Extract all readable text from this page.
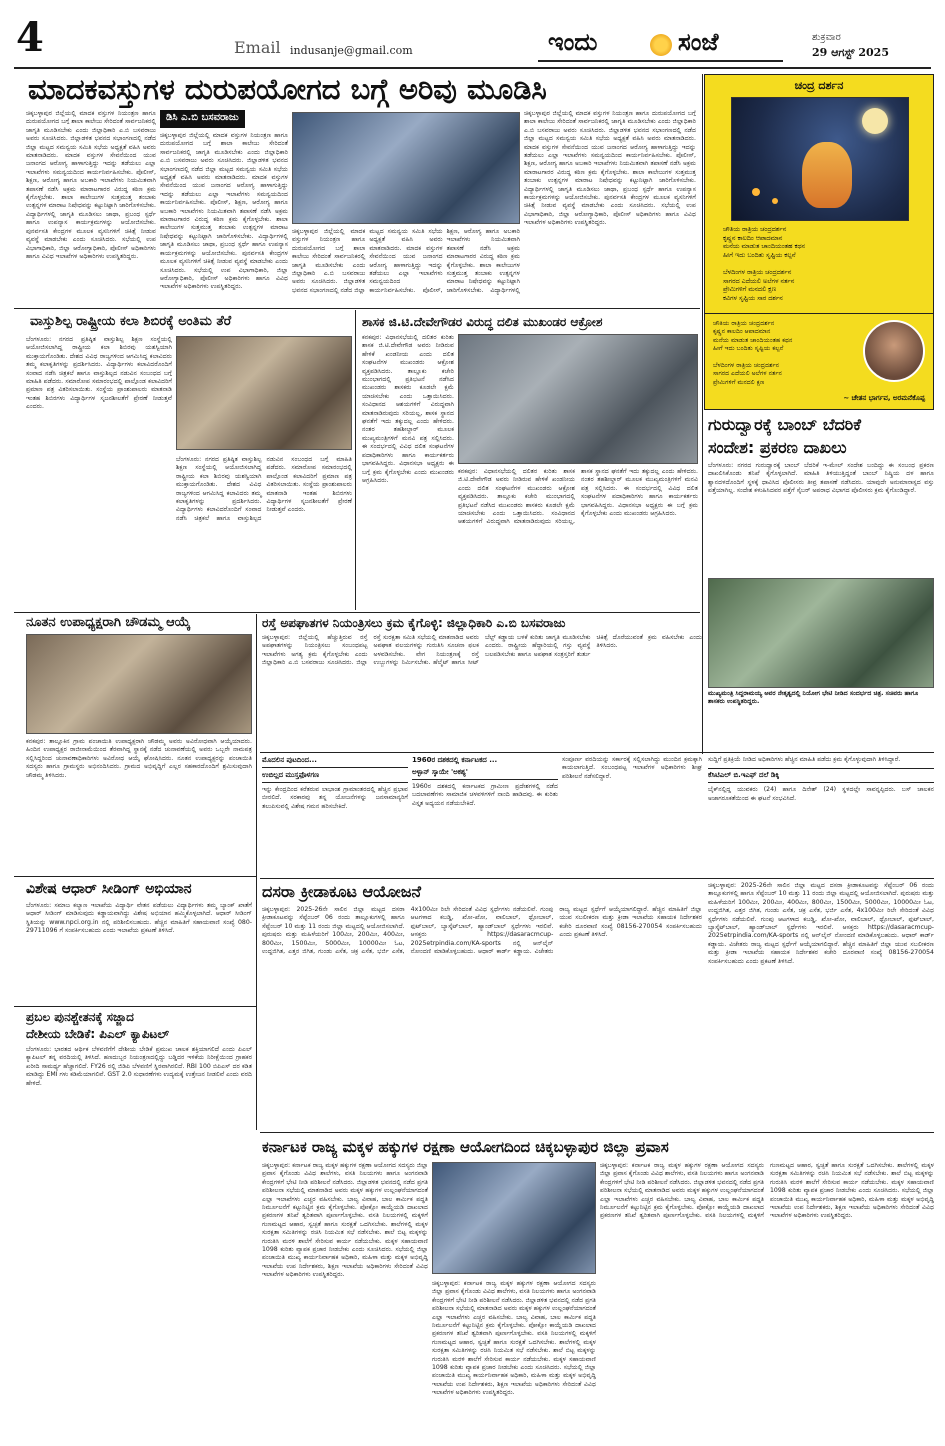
4	Email indusanje@gmail.com	ಇಂದು	ಸಂಜೆ	ಶುಕ್ರವಾರ
29 ಆಗಸ್ಟ್ 2025
ಮಾದಕವಸ್ತುಗಳ ದುರುಪಯೋಗದ ಬಗ್ಗೆ ಅರಿವು ಮೂಡಿಸಿ
ಡಿಸಿ ಎ.ಬಿ ಬಸವರಾಜು
ಚಿಕ್ಕಬಳ್ಳಾಪುರ ಜಿಲ್ಲೆಯಲ್ಲಿ ಮಾದಕ ವಸ್ತುಗಳ ನಿಯಂತ್ರಣ ಹಾಗೂ ದುರುಪಯೋಗದ ಬಗ್ಗೆ ಶಾಲಾ ಕಾಲೇಜು ಸೇರಿದಂತೆ ಸಾರ್ವಜನಿಕರಲ್ಲಿ ಜಾಗೃತಿ ಮೂಡಿಸಬೇಕು ಎಂದು ಜಿಲ್ಲಾಧಿಕಾರಿ ಎ.ಬಿ ಬಸವರಾಜು ಅವರು ಸೂಚಿಸಿದರು. ಜಿಲ್ಲಾಡಳಿತ ಭವನದ ಸಭಾಂಗಣದಲ್ಲಿ ನಡೆದ ಜಿಲ್ಲಾ ಮಟ್ಟದ ಸಮನ್ವಯ ಸಮಿತಿ ಸಭೆಯ ಅಧ್ಯಕ್ಷತೆ ವಹಿಸಿ ಅವರು ಮಾತನಾಡಿದರು. ಮಾದಕ ವಸ್ತುಗಳ ಸೇವನೆಯಿಂದ ಯುವ ಜನಾಂಗದ ಆರೋಗ್ಯ ಹಾಳಾಗುತ್ತಿದ್ದು ಇದನ್ನು ತಡೆಯಲು ಎಲ್ಲಾ ಇಲಾಖೆಗಳು ಸಮನ್ವಯದಿಂದ ಕಾರ್ಯನಿರ್ವಹಿಸಬೇಕು. ಪೊಲೀಸ್, ಶಿಕ್ಷಣ, ಆರೋಗ್ಯ ಹಾಗೂ ಅಬಕಾರಿ ಇಲಾಖೆಗಳು ನಿಯಮಿತವಾಗಿ ತಪಾಸಣೆ ನಡೆಸಿ ಅಕ್ರಮ ಮಾರಾಟಗಾರರ ವಿರುದ್ಧ ಕಠಿಣ ಕ್ರಮ ಕೈಗೊಳ್ಳಬೇಕು. ಶಾಲಾ ಕಾಲೇಜುಗಳ ಸುತ್ತಮುತ್ತ ತಂಬಾಕು ಉತ್ಪನ್ನಗಳ ಮಾರಾಟ ನಿಷೇಧವನ್ನು ಕಟ್ಟುನಿಟ್ಟಾಗಿ ಜಾರಿಗೊಳಿಸಬೇಕು. ವಿದ್ಯಾರ್ಥಿಗಳಲ್ಲಿ ಜಾಗೃತಿ ಮೂಡಿಸಲು ಜಾಥಾ, ಪ್ರಬಂಧ ಸ್ಪರ್ಧೆ ಹಾಗೂ ಉಪನ್ಯಾಸ ಕಾರ್ಯಕ್ರಮಗಳನ್ನು ಆಯೋಜಿಸಬೇಕು. ಪುನರ್ವಸತಿ ಕೇಂದ್ರಗಳ ಮೂಲಕ ವ್ಯಸನಿಗಳಿಗೆ ಚಿಕಿತ್ಸೆ ನೀಡುವ ವ್ಯವಸ್ಥೆ ಮಾಡಬೇಕು ಎಂದು ಸೂಚಿಸಿದರು. ಸಭೆಯಲ್ಲಿ ಉಪ ವಿಭಾಗಾಧಿಕಾರಿ, ಜಿಲ್ಲಾ ಆರೋಗ್ಯಾಧಿಕಾರಿ, ಪೊಲೀಸ್ ಅಧಿಕಾರಿಗಳು ಹಾಗೂ ವಿವಿಧ ಇಲಾಖೆಗಳ ಅಧಿಕಾರಿಗಳು ಉಪಸ್ಥಿತರಿದ್ದರು.
ಚಿಕ್ಕಬಳ್ಳಾಪುರ ಜಿಲ್ಲೆಯಲ್ಲಿ ಮಾದಕ ವಸ್ತುಗಳ ನಿಯಂತ್ರಣ ಹಾಗೂ ದುರುಪಯೋಗದ ಬಗ್ಗೆ ಶಾಲಾ ಕಾಲೇಜು ಸೇರಿದಂತೆ ಸಾರ್ವಜನಿಕರಲ್ಲಿ ಜಾಗೃತಿ ಮೂಡಿಸಬೇಕು ಎಂದು ಜಿಲ್ಲಾಧಿಕಾರಿ ಎ.ಬಿ ಬಸವರಾಜು ಅವರು ಸೂಚಿಸಿದರು. ಜಿಲ್ಲಾಡಳಿತ ಭವನದ ಸಭಾಂಗಣದಲ್ಲಿ ನಡೆದ ಜಿಲ್ಲಾ ಮಟ್ಟದ ಸಮನ್ವಯ ಸಮಿತಿ ಸಭೆಯ ಅಧ್ಯಕ್ಷತೆ ವಹಿಸಿ ಅವರು ಮಾತನಾಡಿದರು. ಮಾದಕ ವಸ್ತುಗಳ ಸೇವನೆಯಿಂದ ಯುವ ಜನಾಂಗದ ಆರೋಗ್ಯ ಹಾಳಾಗುತ್ತಿದ್ದು ಇದನ್ನು ತಡೆಯಲು ಎಲ್ಲಾ ಇಲಾಖೆಗಳು ಸಮನ್ವಯದಿಂದ ಕಾರ್ಯನಿರ್ವಹಿಸಬೇಕು. ಪೊಲೀಸ್, ಶಿಕ್ಷಣ, ಆರೋಗ್ಯ ಹಾಗೂ ಅಬಕಾರಿ ಇಲಾಖೆಗಳು ನಿಯಮಿತವಾಗಿ ತಪಾಸಣೆ ನಡೆಸಿ ಅಕ್ರಮ ಮಾರಾಟಗಾರರ ವಿರುದ್ಧ ಕಠಿಣ ಕ್ರಮ ಕೈಗೊಳ್ಳಬೇಕು. ಶಾಲಾ ಕಾಲೇಜುಗಳ ಸುತ್ತಮುತ್ತ ತಂಬಾಕು ಉತ್ಪನ್ನಗಳ ಮಾರಾಟ ನಿಷೇಧವನ್ನು ಕಟ್ಟುನಿಟ್ಟಾಗಿ ಜಾರಿಗೊಳಿಸಬೇಕು. ವಿದ್ಯಾರ್ಥಿಗಳಲ್ಲಿ ಜಾಗೃತಿ ಮೂಡಿಸಲು ಜಾಥಾ, ಪ್ರಬಂಧ ಸ್ಪರ್ಧೆ ಹಾಗೂ ಉಪನ್ಯಾಸ ಕಾರ್ಯಕ್ರಮಗಳನ್ನು ಆಯೋಜಿಸಬೇಕು. ಪುನರ್ವಸತಿ ಕೇಂದ್ರಗಳ ಮೂಲಕ ವ್ಯಸನಿಗಳಿಗೆ ಚಿಕಿತ್ಸೆ ನೀಡುವ ವ್ಯವಸ್ಥೆ ಮಾಡಬೇಕು ಎಂದು ಸೂಚಿಸಿದರು. ಸಭೆಯಲ್ಲಿ ಉಪ ವಿಭಾಗಾಧಿಕಾರಿ, ಜಿಲ್ಲಾ ಆರೋಗ್ಯಾಧಿಕಾರಿ, ಪೊಲೀಸ್ ಅಧಿಕಾರಿಗಳು ಹಾಗೂ ವಿವಿಧ ಇಲಾಖೆಗಳ ಅಧಿಕಾರಿಗಳು ಉಪಸ್ಥಿತರಿದ್ದರು.
ಚಿಕ್ಕಬಳ್ಳಾಪುರ ಜಿಲ್ಲೆಯಲ್ಲಿ ಮಾದಕ ವಸ್ತುಗಳ ನಿಯಂತ್ರಣ ಹಾಗೂ ದುರುಪಯೋಗದ ಬಗ್ಗೆ ಶಾಲಾ ಕಾಲೇಜು ಸೇರಿದಂತೆ ಸಾರ್ವಜನಿಕರಲ್ಲಿ ಜಾಗೃತಿ ಮೂಡಿಸಬೇಕು ಎಂದು ಜಿಲ್ಲಾಧಿಕಾರಿ ಎ.ಬಿ ಬಸವರಾಜು ಅವರು ಸೂಚಿಸಿದರು. ಜಿಲ್ಲಾಡಳಿತ ಭವನದ ಸಭಾಂಗಣದಲ್ಲಿ ನಡೆದ ಜಿಲ್ಲಾ ಮಟ್ಟದ ಸಮನ್ವಯ ಸಮಿತಿ ಸಭೆಯ ಅಧ್ಯಕ್ಷತೆ ವಹಿಸಿ ಅವರು ಮಾತನಾಡಿದರು. ಮಾದಕ ವಸ್ತುಗಳ ಸೇವನೆಯಿಂದ ಯುವ ಜನಾಂಗದ ಆರೋಗ್ಯ ಹಾಳಾಗುತ್ತಿದ್ದು ಇದನ್ನು ತಡೆಯಲು ಎಲ್ಲಾ ಇಲಾಖೆಗಳು ಸಮನ್ವಯದಿಂದ ಕಾರ್ಯನಿರ್ವಹಿಸಬೇಕು. ಪೊಲೀಸ್, ಶಿಕ್ಷಣ, ಆರೋಗ್ಯ ಹಾಗೂ ಅಬಕಾರಿ ಇಲಾಖೆಗಳು ನಿಯಮಿತವಾಗಿ ತಪಾಸಣೆ ನಡೆಸಿ ಅಕ್ರಮ ಮಾರಾಟಗಾರರ ವಿರುದ್ಧ ಕಠಿಣ ಕ್ರಮ ಕೈಗೊಳ್ಳಬೇಕು. ಶಾಲಾ ಕಾಲೇಜುಗಳ ಸುತ್ತಮುತ್ತ ತಂಬಾಕು ಉತ್ಪನ್ನಗಳ ಮಾರಾಟ ನಿಷೇಧವನ್ನು ಕಟ್ಟುನಿಟ್ಟಾಗಿ ಜಾರಿಗೊಳಿಸಬೇಕು. ವಿದ್ಯಾರ್ಥಿಗಳಲ್ಲಿ
ಚಿಕ್ಕಬಳ್ಳಾಪುರ ಜಿಲ್ಲೆಯಲ್ಲಿ ಮಾದಕ ವಸ್ತುಗಳ ನಿಯಂತ್ರಣ ಹಾಗೂ ದುರುಪಯೋಗದ ಬಗ್ಗೆ ಶಾಲಾ ಕಾಲೇಜು ಸೇರಿದಂತೆ ಸಾರ್ವಜನಿಕರಲ್ಲಿ ಜಾಗೃತಿ ಮೂಡಿಸಬೇಕು ಎಂದು ಜಿಲ್ಲಾಧಿಕಾರಿ ಎ.ಬಿ ಬಸವರಾಜು ಅವರು ಸೂಚಿಸಿದರು. ಜಿಲ್ಲಾಡಳಿತ ಭವನದ ಸಭಾಂಗಣದಲ್ಲಿ ನಡೆದ ಜಿಲ್ಲಾ ಮಟ್ಟದ ಸಮನ್ವಯ ಸಮಿತಿ ಸಭೆಯ ಅಧ್ಯಕ್ಷತೆ ವಹಿಸಿ ಅವರು ಮಾತನಾಡಿದರು. ಮಾದಕ ವಸ್ತುಗಳ ಸೇವನೆಯಿಂದ ಯುವ ಜನಾಂಗದ ಆರೋಗ್ಯ ಹಾಳಾಗುತ್ತಿದ್ದು ಇದನ್ನು ತಡೆಯಲು ಎಲ್ಲಾ ಇಲಾಖೆಗಳು ಸಮನ್ವಯದಿಂದ ಕಾರ್ಯನಿರ್ವಹಿಸಬೇಕು. ಪೊಲೀಸ್, ಶಿಕ್ಷಣ, ಆರೋಗ್ಯ ಹಾಗೂ ಅಬಕಾರಿ ಇಲಾಖೆಗಳು ನಿಯಮಿತವಾಗಿ ತಪಾಸಣೆ ನಡೆಸಿ ಅಕ್ರಮ ಮಾರಾಟಗಾರರ ವಿರುದ್ಧ ಕಠಿಣ ಕ್ರಮ ಕೈಗೊಳ್ಳಬೇಕು. ಶಾಲಾ ಕಾಲೇಜುಗಳ ಸುತ್ತಮುತ್ತ ತಂಬಾಕು ಉತ್ಪನ್ನಗಳ ಮಾರಾಟ ನಿಷೇಧವನ್ನು ಕಟ್ಟುನಿಟ್ಟಾಗಿ ಜಾರಿಗೊಳಿಸಬೇಕು. ವಿದ್ಯಾರ್ಥಿಗಳಲ್ಲಿ ಜಾಗೃತಿ ಮೂಡಿಸಲು ಜಾಥಾ, ಪ್ರಬಂಧ ಸ್ಪರ್ಧೆ ಹಾಗೂ ಉಪನ್ಯಾಸ ಕಾರ್ಯಕ್ರಮಗಳನ್ನು ಆಯೋಜಿಸಬೇಕು. ಪುನರ್ವಸತಿ ಕೇಂದ್ರಗಳ ಮೂಲಕ ವ್ಯಸನಿಗಳಿಗೆ ಚಿಕಿತ್ಸೆ ನೀಡುವ ವ್ಯವಸ್ಥೆ ಮಾಡಬೇಕು ಎಂದು ಸೂಚಿಸಿದರು. ಸಭೆಯಲ್ಲಿ ಉಪ ವಿಭಾಗಾಧಿಕಾರಿ, ಜಿಲ್ಲಾ ಆರೋಗ್ಯಾಧಿಕಾರಿ, ಪೊಲೀಸ್ ಅಧಿಕಾರಿಗಳು ಹಾಗೂ ವಿವಿಧ ಇಲಾಖೆಗಳ ಅಧಿಕಾರಿಗಳು ಉಪಸ್ಥಿತರಿದ್ದರು.
ಚಂದ್ರ ದರ್ಶನ
ಚೌತಿಯ ರಾತ್ರಿಯ ಚಂದ್ರದರ್ಶನ
ಕೃಷ್ಣನ ಕಾಲದಿಂ ಆಪಾದಮಾನ
ಮನೆಯ ಮಾಡುತ ಚಾಂದಿಯಂತಹ ಕಥನ
ಹೀಗೆ ಇದು ಬಂದಿತು ಸೃಷ್ಟಿಯ ಕಲ್ಪನೆ

ಬೆಳದಿಂಗಳ ರಾತ್ರಿಯ ಚಂದ್ರದರ್ಶನ
ಸಾಗರದ ಎದೆಯಲಿ ಅಲೆಗಳ ನರ್ತನ
ಪ್ರೇಮಿಗಳಿಗೆ ಮನದಲಿ ಕ್ಷಣ
ಕವಿಗಳ ಸೃಷ್ಟಿಯ ಸಾರ ದರ್ಶನ

ಚೌತಿಯ ರಾತ್ರಿಯ ಚಂದ್ರದರ್ಶನ
ಕೃಷ್ಣನ ಕಾಲದಿಂ ಆಪಾದಮಾನ
ಮನೆಯ ಮಾಡುತ ಚಾಂದಿಯಂತಹ ಕಥನ
ಹೀಗೆ ಇದು ಬಂದಿತು ಸೃಷ್ಟಿಯ ಕಲ್ಪನೆ

ಬೆಳದಿಂಗಳ ರಾತ್ರಿಯ ಚಂದ್ರದರ್ಶನ
ಸಾಗರದ ಎದೆಯಲಿ ಅಲೆಗಳ ನರ್ತನ
ಪ್ರೇಮಿಗಳಿಗೆ ಮನದಲಿ ಕ್ಷಣ

~ ಚೇತನ ಭಾರ್ಗವ, ಅರಮನೆಕೊಪ್ಪ
ವಾಸ್ತುಶಿಲ್ಪ ರಾಷ್ಟ್ರೀಯ ಕಲಾ ಶಿಬಿರಕ್ಕೆ ಅಂತಿಮ ತೆರೆ
ಬೆಂಗಳೂರು: ನಗರದ ಪ್ರತಿಷ್ಠಿತ ವಾಸ್ತುಶಿಲ್ಪ ಶಿಕ್ಷಣ ಸಂಸ್ಥೆಯಲ್ಲಿ ಆಯೋಜಿಸಲಾಗಿದ್ದ ರಾಷ್ಟ್ರೀಯ ಕಲಾ ಶಿಬಿರವು ಯಶಸ್ವಿಯಾಗಿ ಮುಕ್ತಾಯಗೊಂಡಿತು. ದೇಶದ ವಿವಿಧ ರಾಜ್ಯಗಳಿಂದ ಆಗಮಿಸಿದ್ದ ಕಲಾವಿದರು ತಮ್ಮ ಕಲಾಕೃತಿಗಳನ್ನು ಪ್ರದರ್ಶಿಸಿದರು. ವಿದ್ಯಾರ್ಥಿಗಳು ಕಲಾವಿದರೊಂದಿಗೆ ಸಂವಾದ ನಡೆಸಿ ಚಿತ್ರಕಲೆ ಹಾಗೂ ವಾಸ್ತುಶಿಲ್ಪದ ನಡುವಿನ ಸಂಬಂಧದ ಬಗ್ಗೆ ಮಾಹಿತಿ ಪಡೆದರು. ಸಮಾರೋಪ ಸಮಾರಂಭದಲ್ಲಿ ಪಾಲ್ಗೊಂಡ ಕಲಾವಿದರಿಗೆ ಪ್ರಮಾಣ ಪತ್ರ ವಿತರಿಸಲಾಯಿತು. ಸಂಸ್ಥೆಯ ಪ್ರಾಂಶುಪಾಲರು ಮಾತನಾಡಿ ಇಂತಹ ಶಿಬಿರಗಳು ವಿದ್ಯಾರ್ಥಿಗಳ ಸೃಜನಶೀಲತೆಗೆ ಪ್ರೇರಣೆ ನೀಡುತ್ತವೆ ಎಂದರು.
ಬೆಂಗಳೂರು: ನಗರದ ಪ್ರತಿಷ್ಠಿತ ವಾಸ್ತುಶಿಲ್ಪ ಶಿಕ್ಷಣ ಸಂಸ್ಥೆಯಲ್ಲಿ ಆಯೋಜಿಸಲಾಗಿದ್ದ ರಾಷ್ಟ್ರೀಯ ಕಲಾ ಶಿಬಿರವು ಯಶಸ್ವಿಯಾಗಿ ಮುಕ್ತಾಯಗೊಂಡಿತು. ದೇಶದ ವಿವಿಧ ರಾಜ್ಯಗಳಿಂದ ಆಗಮಿಸಿದ್ದ ಕಲಾವಿದರು ತಮ್ಮ ಕಲಾಕೃತಿಗಳನ್ನು ಪ್ರದರ್ಶಿಸಿದರು. ವಿದ್ಯಾರ್ಥಿಗಳು ಕಲಾವಿದರೊಂದಿಗೆ ಸಂವಾದ ನಡೆಸಿ ಚಿತ್ರಕಲೆ ಹಾಗೂ ವಾಸ್ತುಶಿಲ್ಪದ ನಡುವಿನ ಸಂಬಂಧದ ಬಗ್ಗೆ ಮಾಹಿತಿ ಪಡೆದರು. ಸಮಾರೋಪ ಸಮಾರಂಭದಲ್ಲಿ ಪಾಲ್ಗೊಂಡ ಕಲಾವಿದರಿಗೆ ಪ್ರಮಾಣ ಪತ್ರ ವಿತರಿಸಲಾಯಿತು. ಸಂಸ್ಥೆಯ ಪ್ರಾಂಶುಪಾಲರು ಮಾತನಾಡಿ ಇಂತಹ ಶಿಬಿರಗಳು ವಿದ್ಯಾರ್ಥಿಗಳ ಸೃಜನಶೀಲತೆಗೆ ಪ್ರೇರಣೆ ನೀಡುತ್ತವೆ ಎಂದರು.
ಶಾಸಕ ಜಿ.ಟಿ.ದೇವೇಗೌಡರ ವಿರುದ್ಧ ದಲಿತ ಮುಖಂಡರ ಆಕ್ರೋಶ
ಕನಕಪುರ: ವಿಧಾನಸಭೆಯಲ್ಲಿ ದಲಿತರ ಕುರಿತು ಶಾಸಕ ಜಿ.ಟಿ.ದೇವೇಗೌಡ ಅವರು ನೀಡಿರುವ ಹೇಳಿಕೆ ಖಂಡನೀಯ ಎಂದು ದಲಿತ ಸಂಘಟನೆಗಳ ಮುಖಂಡರು ಆಕ್ರೋಶ ವ್ಯಕ್ತಪಡಿಸಿದರು. ತಾಲ್ಲೂಕು ಕಚೇರಿ ಮುಂಭಾಗದಲ್ಲಿ ಪ್ರತಿಭಟನೆ ನಡೆಸಿದ ಮುಖಂಡರು ಶಾಸಕರು ಕೂಡಲೇ ಕ್ಷಮೆ ಯಾಚಿಸಬೇಕು ಎಂದು ಒತ್ತಾಯಿಸಿದರು. ಸಂವಿಧಾನದ ಆಶಯಗಳಿಗೆ ವಿರುದ್ಧವಾಗಿ ಮಾತನಾಡಿರುವುದು ಸರಿಯಲ್ಲ, ಶಾಸಕ ಸ್ಥಾನದ ಘನತೆಗೆ ಇದು ತಕ್ಕುದಲ್ಲ ಎಂದು ಹೇಳಿದರು. ನಂತರ ತಹಶೀಲ್ದಾರ್ ಮೂಲಕ ಮುಖ್ಯಮಂತ್ರಿಗಳಿಗೆ ಮನವಿ ಪತ್ರ ಸಲ್ಲಿಸಿದರು. ಈ ಸಂದರ್ಭದಲ್ಲಿ ವಿವಿಧ ದಲಿತ ಸಂಘಟನೆಗಳ ಪದಾಧಿಕಾರಿಗಳು ಹಾಗೂ ಕಾರ್ಯಕರ್ತರು ಭಾಗವಹಿಸಿದ್ದರು. ವಿಧಾನಸಭಾ ಅಧ್ಯಕ್ಷರು ಈ ಬಗ್ಗೆ ಕ್ರಮ ಕೈಗೊಳ್ಳಬೇಕು ಎಂದು ಮುಖಂಡರು ಆಗ್ರಹಿಸಿದರು.
ಕನಕಪುರ: ವಿಧಾನಸಭೆಯಲ್ಲಿ ದಲಿತರ ಕುರಿತು ಶಾಸಕ ಜಿ.ಟಿ.ದೇವೇಗೌಡ ಅವರು ನೀಡಿರುವ ಹೇಳಿಕೆ ಖಂಡನೀಯ ಎಂದು ದಲಿತ ಸಂಘಟನೆಗಳ ಮುಖಂಡರು ಆಕ್ರೋಶ ವ್ಯಕ್ತಪಡಿಸಿದರು. ತಾಲ್ಲೂಕು ಕಚೇರಿ ಮುಂಭಾಗದಲ್ಲಿ ಪ್ರತಿಭಟನೆ ನಡೆಸಿದ ಮುಖಂಡರು ಶಾಸಕರು ಕೂಡಲೇ ಕ್ಷಮೆ ಯಾಚಿಸಬೇಕು ಎಂದು ಒತ್ತಾಯಿಸಿದರು. ಸಂವಿಧಾನದ ಆಶಯಗಳಿಗೆ ವಿರುದ್ಧವಾಗಿ ಮಾತನಾಡಿರುವುದು ಸರಿಯಲ್ಲ, ಶಾಸಕ ಸ್ಥಾನದ ಘನತೆಗೆ ಇದು ತಕ್ಕುದಲ್ಲ ಎಂದು ಹೇಳಿದರು. ನಂತರ ತಹಶೀಲ್ದಾರ್ ಮೂಲಕ ಮುಖ್ಯಮಂತ್ರಿಗಳಿಗೆ ಮನವಿ ಪತ್ರ ಸಲ್ಲಿಸಿದರು. ಈ ಸಂದರ್ಭದಲ್ಲಿ ವಿವಿಧ ದಲಿತ ಸಂಘಟನೆಗಳ ಪದಾಧಿಕಾರಿಗಳು ಹಾಗೂ ಕಾರ್ಯಕರ್ತರು ಭಾಗವಹಿಸಿದ್ದರು. ವಿಧಾನಸಭಾ ಅಧ್ಯಕ್ಷರು ಈ ಬಗ್ಗೆ ಕ್ರಮ ಕೈಗೊಳ್ಳಬೇಕು ಎಂದು ಮುಖಂಡರು ಆಗ್ರಹಿಸಿದರು.
ಗುರುದ್ವಾರಕ್ಕೆ ಬಾಂಬ್ ಬೆದರಿಕೆ
ಸಂದೇಶ: ಪ್ರಕರಣ ದಾಖಲು
ಬೆಂಗಳೂರು: ನಗರದ ಗುರುದ್ವಾರಕ್ಕೆ ಬಾಂಬ್ ಬೆದರಿಕೆ ಇ-ಮೇಲ್ ಸಂದೇಶ ಬಂದಿದ್ದು ಈ ಸಂಬಂಧ ಪ್ರಕರಣ ದಾಖಲಿಸಿಕೊಂಡು ತನಿಖೆ ಕೈಗೊಳ್ಳಲಾಗಿದೆ. ಮಾಹಿತಿ ತಿಳಿಯುತ್ತಿದ್ದಂತೆ ಬಾಂಬ್ ನಿಷ್ಕ್ರಿಯ ದಳ ಹಾಗೂ ಶ್ವಾನದಳದೊಂದಿಗೆ ಸ್ಥಳಕ್ಕೆ ಧಾವಿಸಿದ ಪೊಲೀಸರು ತೀವ್ರ ತಪಾಸಣೆ ನಡೆಸಿದರು. ಯಾವುದೇ ಅನುಮಾನಾಸ್ಪದ ವಸ್ತು ಪತ್ತೆಯಾಗಿಲ್ಲ. ಸಂದೇಶ ಕಳುಹಿಸಿದವರ ಪತ್ತೆಗೆ ಸೈಬರ್ ಅಪರಾಧ ವಿಭಾಗದ ಪೊಲೀಸರು ಕ್ರಮ ಕೈಗೊಂಡಿದ್ದಾರೆ.
ಮುಖ್ಯಮಂತ್ರಿ ಸಿದ್ದರಾಮಯ್ಯ ಅವರ ನೇತೃತ್ವದಲ್ಲಿ ನಿಯೋಗ ಭೇಟಿ ನೀಡಿದ ಸಂದರ್ಭದ ಚಿತ್ರ. ಸಚಿವರು ಹಾಗೂ ಶಾಸಕರು ಉಪಸ್ಥಿತರಿದ್ದರು.
ನೂತನ ಉಪಾಧ್ಯಕ್ಷರಾಗಿ ಚೌಡಮ್ಮ ಆಯ್ಕೆ
ಕನಕಪುರ: ತಾಲ್ಲೂಕಿನ ಗ್ರಾಮ ಪಂಚಾಯಿತಿ ಉಪಾಧ್ಯಕ್ಷರಾಗಿ ಚೌಡಮ್ಮ ಅವರು ಅವಿರೋಧವಾಗಿ ಆಯ್ಕೆಯಾದರು. ಹಿಂದಿನ ಉಪಾಧ್ಯಕ್ಷರ ರಾಜೀನಾಮೆಯಿಂದ ತೆರವಾಗಿದ್ದ ಸ್ಥಾನಕ್ಕೆ ನಡೆದ ಚುನಾವಣೆಯಲ್ಲಿ ಅವರು ಒಬ್ಬರೇ ನಾಮಪತ್ರ ಸಲ್ಲಿಸಿದ್ದರಿಂದ ಚುನಾವಣಾಧಿಕಾರಿಗಳು ಅವಿರೋಧ ಆಯ್ಕೆ ಘೋಷಿಸಿದರು. ನೂತನ ಉಪಾಧ್ಯಕ್ಷರನ್ನು ಪಂಚಾಯಿತಿ ಸದಸ್ಯರು ಹಾಗೂ ಗ್ರಾಮಸ್ಥರು ಅಭಿನಂದಿಸಿದರು. ಗ್ರಾಮದ ಅಭಿವೃದ್ಧಿಗೆ ಎಲ್ಲರ ಸಹಕಾರದೊಂದಿಗೆ ಶ್ರಮಿಸುವುದಾಗಿ ಚೌಡಮ್ಮ ತಿಳಿಸಿದರು.
ರಸ್ತೆ ಅಪಘಾತಗಳ ನಿಯಂತ್ರಿಸಲು ಕ್ರಮ ಕೈಗೊಳ್ಳಿ: ಜಿಲ್ಲಾಧಿಕಾರಿ ಎ.ಬಿ ಬಸವರಾಜು
ಚಿಕ್ಕಬಳ್ಳಾಪುರ: ಜಿಲ್ಲೆಯಲ್ಲಿ ಹೆಚ್ಚುತ್ತಿರುವ ರಸ್ತೆ ಅಪಘಾತಗಳನ್ನು ನಿಯಂತ್ರಿಸಲು ಸಂಬಂಧಪಟ್ಟ ಇಲಾಖೆಗಳು ಅಗತ್ಯ ಕ್ರಮ ಕೈಗೊಳ್ಳಬೇಕು ಎಂದು ಜಿಲ್ಲಾಧಿಕಾರಿ ಎ.ಬಿ ಬಸವರಾಜು ಸೂಚಿಸಿದರು. ಜಿಲ್ಲಾ ರಸ್ತೆ ಸುರಕ್ಷತಾ ಸಮಿತಿ ಸಭೆಯಲ್ಲಿ ಮಾತನಾಡಿದ ಅವರು ಅಪಘಾತ ವಲಯಗಳನ್ನು ಗುರುತಿಸಿ ಸೂಚನಾ ಫಲಕ ಅಳವಡಿಸಬೇಕು. ವೇಗ ನಿಯಂತ್ರಣಕ್ಕೆ ರಸ್ತೆ ಉಬ್ಬುಗಳನ್ನು ನಿರ್ಮಿಸಬೇಕು. ಹೆಲ್ಮೆಟ್ ಹಾಗೂ ಸೀಟ್ ಬೆಲ್ಟ್ ಕಡ್ಡಾಯ ಬಳಕೆ ಕುರಿತು ಜಾಗೃತಿ ಮೂಡಿಸಬೇಕು ಎಂದರು. ರಾಷ್ಟ್ರೀಯ ಹೆದ್ದಾರಿಯಲ್ಲಿ ಗಸ್ತು ವ್ಯವಸ್ಥೆ ಬಲಪಡಿಸಬೇಕು ಹಾಗೂ ಅಪಘಾತ ಸಂತ್ರಸ್ತರಿಗೆ ತುರ್ತು ಚಿಕಿತ್ಸೆ ದೊರೆಯುವಂತೆ ಕ್ರಮ ವಹಿಸಬೇಕು ಎಂದು ತಿಳಿಸಿದರು.
ಮೊದಲಿನ ಪುಟದಿಂದ...
ಉಬಿಲ್ಲದ ಮುಸ್ತಫೊಳಗಣ
ಇನ್ನು ಕೇಂದ್ರದಿಂದ ಕರೆತರುವ ಲಾಭಾಂಶ ಗ್ರಾಮಾಂತರದಲ್ಲಿ ಹೆಚ್ಚಿನ ಪ್ರಭಾವ ಬೀರಲಿದೆ. ಸರಕಾರವು ತನ್ನ ಯೋಜನೆಗಳನ್ನು ಜನಸಾಮಾನ್ಯರಿಗೆ ತಲುಪಿಸುವಲ್ಲಿ ವಿಶೇಷ ಗಮನ ಹರಿಸಬೇಕಿದೆ.
1960ರ ದಶಕದಲ್ಲಿ ಕರ್ನಾಟಕದ ...
ಅಳ್ಳಾನ್ ಸ್ಕಾಯೇ 'ಅಕಶ್ಯ'
1960ರ ದಶಕದಲ್ಲಿ ಕರ್ನಾಟಕದ ಗ್ರಾಮೀಣ ಪ್ರದೇಶಗಳಲ್ಲಿ ನಡೆದ ಬದಲಾವಣೆಗಳು ಸಾಮಾಜಿಕ ಚಳವಳಿಗಳಿಗೆ ನಾಂದಿ ಹಾಡಿದವು. ಈ ಕುರಿತು ವಿಸ್ತೃತ ಅಧ್ಯಯನ ನಡೆಯಬೇಕಿದೆ.
ಸಂಪೂರ್ಣ ವರದಿಯನ್ನು ಸರ್ಕಾರಕ್ಕೆ ಸಲ್ಲಿಸಲಾಗಿದ್ದು ಮುಂದಿನ ಕ್ರಮಕ್ಕಾಗಿ ಕಾಯಲಾಗುತ್ತಿದೆ. ಸಂಬಂಧಪಟ್ಟ ಇಲಾಖೆಗಳ ಅಧಿಕಾರಿಗಳು ಶೀಘ್ರ ಪರಿಶೀಲನೆ ನಡೆಸಲಿದ್ದಾರೆ.
ಸುದ್ದಿಗೆ ಪ್ರತಿಕ್ರಿಯೆ ನೀಡಿದ ಅಧಿಕಾರಿಗಳು ಹೆಚ್ಚಿನ ಮಾಹಿತಿ ಪಡೆದು ಕ್ರಮ ಕೈಗೊಳ್ಳುವುದಾಗಿ ತಿಳಿಸಿದ್ದಾರೆ.
ಕೆಸಿಟಿಎಲ್ ಬಿ.ಇಎಫ್ ದಲೆ ಡಿಕ್ಕಿ
ಬೈಕ್‌ನಲ್ಲಿದ್ದ ಯುವಕರು (24) ಹಾಗೂ ದಿನೇಶ್ (24) ಸ್ಥಳದಲ್ಲೇ ಸಾವನ್ನಪ್ಪಿದರು. ಬಸ್ ಚಾಲಕನ ಅಜಾಗರೂಕತೆಯಿಂದ ಈ ಘಟನೆ ಸಂಭವಿಸಿದೆ.
ವಿಶೇಷ ಆಧಾರ್ ಸೀಡಿಂಗ್ ಅಭಿಯಾನ
ಬೆಂಗಳೂರು: ಸಮಾಜ ಕಲ್ಯಾಣ ಇಲಾಖೆಯ ವಿದ್ಯಾರ್ಥಿ ವೇತನ ಪಡೆಯಲು ವಿದ್ಯಾರ್ಥಿಗಳು ತಮ್ಮ ಬ್ಯಾಂಕ್ ಖಾತೆಗೆ ಆಧಾರ್ ಸೀಡಿಂಗ್ ಮಾಡಿಸುವುದು ಕಡ್ಡಾಯವಾಗಿದ್ದು ವಿಶೇಷ ಅಭಿಯಾನ ಹಮ್ಮಿಕೊಳ್ಳಲಾಗಿದೆ. ಆಧಾರ್ ಸೀಡಿಂಗ್ ಸ್ಥಿತಿಯನ್ನು www.npci.org.in ನಲ್ಲಿ ಪರಿಶೀಲಿಸಬಹುದು. ಹೆಚ್ಚಿನ ಮಾಹಿತಿಗೆ ಸಹಾಯವಾಣಿ ಸಂಖ್ಯೆ 080-29711096 ಗೆ ಸಂಪರ್ಕಿಸಬಹುದು ಎಂದು ಇಲಾಖೆಯ ಪ್ರಕಟಣೆ ತಿಳಿಸಿದೆ.
ಪ್ರಬಲ ಪುನಶ್ಚೇತನಕ್ಕೆ ಸಜ್ಜಾದ
ದೇಶೀಯ ಬೇಡಿಕೆ: ಪಿಎಲ್ ಕ್ಯಾಪಿಟಲ್
ಬೆಂಗಳೂರು: ಭಾರತದ ಆರ್ಥಿಕ ಬೆಳವಣಿಗೆಗೆ ದೇಶೀಯ ಬೇಡಿಕೆ ಪ್ರಮುಖ ಚಾಲಕ ಶಕ್ತಿಯಾಗಲಿದೆ ಎಂದು ಪಿಎಲ್ ಕ್ಯಾಪಿಟಲ್ ತನ್ನ ವರದಿಯಲ್ಲಿ ತಿಳಿಸಿದೆ. ಹಣದುಬ್ಬರ ನಿಯಂತ್ರಣದಲ್ಲಿದ್ದು ಬಡ್ಡಿದರ ಇಳಿಕೆಯ ನಿರೀಕ್ಷೆಯಿಂದ ಗ್ರಾಹಕರ ಖರೀದಿ ಸಾಮರ್ಥ್ಯ ಹೆಚ್ಚಾಗಲಿದೆ. FY26 ರಲ್ಲಿ ಜಿಡಿಪಿ ಬೆಳವಣಿಗೆ ಸ್ಥಿರವಾಗಿರಲಿದೆ. RBI 100 ಬಿಪಿಎಸ್ ದರ ಕಡಿತ ಮಾಡಿದ್ದು EMI ಗಳು ಕಡಿಮೆಯಾಗಲಿವೆ. GST 2.0 ಸುಧಾರಣೆಗಳು ಉದ್ಯಮಕ್ಕೆ ಉತ್ತೇಜನ ನೀಡಲಿವೆ ಎಂದು ವರದಿ ಹೇಳಿದೆ.
ದಸರಾ ಕ್ರೀಡಾಕೂಟ ಆಯೋಜನೆ
ಚಿಕ್ಕಬಳ್ಳಾಪುರ: 2025-26ನೇ ಸಾಲಿನ ಜಿಲ್ಲಾ ಮಟ್ಟದ ದಸರಾ ಕ್ರೀಡಾಕೂಟವನ್ನು ಸೆಪ್ಟೆಂಬರ್ 06 ರಂದು ತಾಲ್ಲೂಕುಗಳಲ್ಲಿ ಹಾಗೂ ಸೆಪ್ಟೆಂಬರ್ 10 ಮತ್ತು 11 ರಂದು ಜಿಲ್ಲಾ ಮಟ್ಟದಲ್ಲಿ ಆಯೋಜಿಸಲಾಗಿದೆ. ಪುರುಷರು ಮತ್ತು ಮಹಿಳೆಯರಿಗೆ 100ಮೀ, 200ಮೀ, 400ಮೀ, 800ಮೀ, 1500ಮೀ, 5000ಮೀ, 10000ಮೀ ಓಟ, ಉದ್ದಜಿಗಿತ, ಎತ್ತರ ಜಿಗಿತ, ಗುಂಡು ಎಸೆತ, ಚಕ್ರ ಎಸೆತ, ಭರ್ಜಿ ಎಸೆತ, 4x100ಮೀ ರಿಲೇ ಸೇರಿದಂತೆ ವಿವಿಧ ಸ್ಪರ್ಧೆಗಳು ನಡೆಯಲಿವೆ. ಗುಂಪು ಆಟಗಳಾದ ಕಬಡ್ಡಿ, ಖೋ-ಖೋ, ವಾಲಿಬಾಲ್, ಥ್ರೋಬಾಲ್, ಫುಟ್‌ಬಾಲ್, ಬ್ಯಾಸ್ಕೆಟ್‌ಬಾಲ್, ಹ್ಯಾಂಡ್‌ಬಾಲ್ ಸ್ಪರ್ಧೆಗಳು ಇರಲಿವೆ. ಆಸಕ್ತರು https://dasaracmcup-2025etrpindia.com/KA-sports ನಲ್ಲಿ ಆನ್‌ಲೈನ್ ನೋಂದಣಿ ಮಾಡಿಕೊಳ್ಳಬಹುದು. ಆಧಾರ್ ಕಾರ್ಡ್ ಕಡ್ಡಾಯ. ವಿಜೇತರು ರಾಜ್ಯ ಮಟ್ಟದ ಸ್ಪರ್ಧೆಗೆ ಆಯ್ಕೆಯಾಗಲಿದ್ದಾರೆ. ಹೆಚ್ಚಿನ ಮಾಹಿತಿಗೆ ಜಿಲ್ಲಾ ಯುವ ಸಬಲೀಕರಣ ಮತ್ತು ಕ್ರೀಡಾ ಇಲಾಖೆಯ ಸಹಾಯಕ ನಿರ್ದೇಶಕರ ಕಚೇರಿ ದೂರವಾಣಿ ಸಂಖ್ಯೆ 08156-270054 ಸಂಪರ್ಕಿಸಬಹುದು ಎಂದು ಪ್ರಕಟಣೆ ತಿಳಿಸಿದೆ.
ಚಿಕ್ಕಬಳ್ಳಾಪುರ: 2025-26ನೇ ಸಾಲಿನ ಜಿಲ್ಲಾ ಮಟ್ಟದ ದಸರಾ ಕ್ರೀಡಾಕೂಟವನ್ನು ಸೆಪ್ಟೆಂಬರ್ 06 ರಂದು ತಾಲ್ಲೂಕುಗಳಲ್ಲಿ ಹಾಗೂ ಸೆಪ್ಟೆಂಬರ್ 10 ಮತ್ತು 11 ರಂದು ಜಿಲ್ಲಾ ಮಟ್ಟದಲ್ಲಿ ಆಯೋಜಿಸಲಾಗಿದೆ. ಪುರುಷರು ಮತ್ತು ಮಹಿಳೆಯರಿಗೆ 100ಮೀ, 200ಮೀ, 400ಮೀ, 800ಮೀ, 1500ಮೀ, 5000ಮೀ, 10000ಮೀ ಓಟ, ಉದ್ದಜಿಗಿತ, ಎತ್ತರ ಜಿಗಿತ, ಗುಂಡು ಎಸೆತ, ಚಕ್ರ ಎಸೆತ, ಭರ್ಜಿ ಎಸೆತ, 4x100ಮೀ ರಿಲೇ ಸೇರಿದಂತೆ ವಿವಿಧ ಸ್ಪರ್ಧೆಗಳು ನಡೆಯಲಿವೆ. ಗುಂಪು ಆಟಗಳಾದ ಕಬಡ್ಡಿ, ಖೋ-ಖೋ, ವಾಲಿಬಾಲ್, ಥ್ರೋಬಾಲ್, ಫುಟ್‌ಬಾಲ್, ಬ್ಯಾಸ್ಕೆಟ್‌ಬಾಲ್, ಹ್ಯಾಂಡ್‌ಬಾಲ್ ಸ್ಪರ್ಧೆಗಳು ಇರಲಿವೆ. ಆಸಕ್ತರು https://dasaracmcup-2025etrpindia.com/KA-sports ನಲ್ಲಿ ಆನ್‌ಲೈನ್ ನೋಂದಣಿ ಮಾಡಿಕೊಳ್ಳಬಹುದು. ಆಧಾರ್ ಕಾರ್ಡ್ ಕಡ್ಡಾಯ. ವಿಜೇತರು ರಾಜ್ಯ ಮಟ್ಟದ ಸ್ಪರ್ಧೆಗೆ ಆಯ್ಕೆಯಾಗಲಿದ್ದಾರೆ. ಹೆಚ್ಚಿನ ಮಾಹಿತಿಗೆ ಜಿಲ್ಲಾ ಯುವ ಸಬಲೀಕರಣ ಮತ್ತು ಕ್ರೀಡಾ ಇಲಾಖೆಯ ಸಹಾಯಕ ನಿರ್ದೇಶಕರ ಕಚೇರಿ ದೂರವಾಣಿ ಸಂಖ್ಯೆ 08156-270054 ಸಂಪರ್ಕಿಸಬಹುದು ಎಂದು ಪ್ರಕಟಣೆ ತಿಳಿಸಿದೆ.
ಕರ್ನಾಟಕ ರಾಜ್ಯ ಮಕ್ಕಳ ಹಕ್ಕುಗಳ ರಕ್ಷಣಾ ಆಯೋಗದಿಂದ ಚಿಕ್ಕಬಳ್ಳಾಪುರ ಜಿಲ್ಲಾ ಪ್ರವಾಸ
ಚಿಕ್ಕಬಳ್ಳಾಪುರ: ಕರ್ನಾಟಕ ರಾಜ್ಯ ಮಕ್ಕಳ ಹಕ್ಕುಗಳ ರಕ್ಷಣಾ ಆಯೋಗದ ಸದಸ್ಯರು ಜಿಲ್ಲಾ ಪ್ರವಾಸ ಕೈಗೊಂಡು ವಿವಿಧ ಶಾಲೆಗಳು, ವಸತಿ ನಿಲಯಗಳು ಹಾಗೂ ಅಂಗನವಾಡಿ ಕೇಂದ್ರಗಳಿಗೆ ಭೇಟಿ ನೀಡಿ ಪರಿಶೀಲನೆ ನಡೆಸಿದರು. ಜಿಲ್ಲಾಡಳಿತ ಭವನದಲ್ಲಿ ನಡೆದ ಪ್ರಗತಿ ಪರಿಶೀಲನಾ ಸಭೆಯಲ್ಲಿ ಮಾತನಾಡಿದ ಅವರು ಮಕ್ಕಳ ಹಕ್ಕುಗಳ ಉಲ್ಲಂಘನೆಯಾಗದಂತೆ ಎಲ್ಲಾ ಇಲಾಖೆಗಳು ಎಚ್ಚರ ವಹಿಸಬೇಕು. ಬಾಲ್ಯ ವಿವಾಹ, ಬಾಲ ಕಾರ್ಮಿಕ ಪದ್ಧತಿ ನಿರ್ಮೂಲನೆಗೆ ಕಟ್ಟುನಿಟ್ಟಿನ ಕ್ರಮ ಕೈಗೊಳ್ಳಬೇಕು. ಪೋಕ್ಸೋ ಕಾಯ್ದೆಯಡಿ ದಾಖಲಾದ ಪ್ರಕರಣಗಳ ತನಿಖೆ ತ್ವರಿತವಾಗಿ ಪೂರ್ಣಗೊಳ್ಳಬೇಕು. ವಸತಿ ನಿಲಯಗಳಲ್ಲಿ ಮಕ್ಕಳಿಗೆ ಗುಣಮಟ್ಟದ ಆಹಾರ, ಸ್ವಚ್ಛತೆ ಹಾಗೂ ಸುರಕ್ಷತೆ ಒದಗಿಸಬೇಕು. ಶಾಲೆಗಳಲ್ಲಿ ಮಕ್ಕಳ ಸುರಕ್ಷತಾ ಸಮಿತಿಗಳನ್ನು ರಚಿಸಿ ನಿಯಮಿತ ಸಭೆ ನಡೆಸಬೇಕು. ಶಾಲೆ ಬಿಟ್ಟ ಮಕ್ಕಳನ್ನು ಗುರುತಿಸಿ ಮರಳಿ ಶಾಲೆಗೆ ಸೇರಿಸುವ ಕಾರ್ಯ ನಡೆಯಬೇಕು. ಮಕ್ಕಳ ಸಹಾಯವಾಣಿ 1098 ಕುರಿತು ವ್ಯಾಪಕ ಪ್ರಚಾರ ನೀಡಬೇಕು ಎಂದು ಸೂಚಿಸಿದರು. ಸಭೆಯಲ್ಲಿ ಜಿಲ್ಲಾ ಪಂಚಾಯಿತಿ ಮುಖ್ಯ ಕಾರ್ಯನಿರ್ವಾಹಕ ಅಧಿಕಾರಿ, ಮಹಿಳಾ ಮತ್ತು ಮಕ್ಕಳ ಅಭಿವೃದ್ಧಿ ಇಲಾಖೆಯ ಉಪ ನಿರ್ದೇಶಕರು, ಶಿಕ್ಷಣ ಇಲಾಖೆಯ ಅಧಿಕಾರಿಗಳು ಸೇರಿದಂತೆ ವಿವಿಧ ಇಲಾಖೆಗಳ ಅಧಿಕಾರಿಗಳು ಉಪಸ್ಥಿತರಿದ್ದರು.
ಚಿಕ್ಕಬಳ್ಳಾಪುರ: ಕರ್ನಾಟಕ ರಾಜ್ಯ ಮಕ್ಕಳ ಹಕ್ಕುಗಳ ರಕ್ಷಣಾ ಆಯೋಗದ ಸದಸ್ಯರು ಜಿಲ್ಲಾ ಪ್ರವಾಸ ಕೈಗೊಂಡು ವಿವಿಧ ಶಾಲೆಗಳು, ವಸತಿ ನಿಲಯಗಳು ಹಾಗೂ ಅಂಗನವಾಡಿ ಕೇಂದ್ರಗಳಿಗೆ ಭೇಟಿ ನೀಡಿ ಪರಿಶೀಲನೆ ನಡೆಸಿದರು. ಜಿಲ್ಲಾಡಳಿತ ಭವನದಲ್ಲಿ ನಡೆದ ಪ್ರಗತಿ ಪರಿಶೀಲನಾ ಸಭೆಯಲ್ಲಿ ಮಾತನಾಡಿದ ಅವರು ಮಕ್ಕಳ ಹಕ್ಕುಗಳ ಉಲ್ಲಂಘನೆಯಾಗದಂತೆ ಎಲ್ಲಾ ಇಲಾಖೆಗಳು ಎಚ್ಚರ ವಹಿಸಬೇಕು. ಬಾಲ್ಯ ವಿವಾಹ, ಬಾಲ ಕಾರ್ಮಿಕ ಪದ್ಧತಿ ನಿರ್ಮೂಲನೆಗೆ ಕಟ್ಟುನಿಟ್ಟಿನ ಕ್ರಮ ಕೈಗೊಳ್ಳಬೇಕು. ಪೋಕ್ಸೋ ಕಾಯ್ದೆಯಡಿ ದಾಖಲಾದ ಪ್ರಕರಣಗಳ ತನಿಖೆ ತ್ವರಿತವಾಗಿ ಪೂರ್ಣಗೊಳ್ಳಬೇಕು. ವಸತಿ ನಿಲಯಗಳಲ್ಲಿ ಮಕ್ಕಳಿಗೆ ಗುಣಮಟ್ಟದ ಆಹಾರ, ಸ್ವಚ್ಛತೆ ಹಾಗೂ ಸುರಕ್ಷತೆ ಒದಗಿಸಬೇಕು. ಶಾಲೆಗಳಲ್ಲಿ ಮಕ್ಕಳ ಸುರಕ್ಷತಾ ಸಮಿತಿಗಳನ್ನು ರಚಿಸಿ ನಿಯಮಿತ ಸಭೆ ನಡೆಸಬೇಕು. ಶಾಲೆ ಬಿಟ್ಟ ಮಕ್ಕಳನ್ನು ಗುರುತಿಸಿ ಮರಳಿ ಶಾಲೆಗೆ ಸೇರಿಸುವ ಕಾರ್ಯ ನಡೆಯಬೇಕು. ಮಕ್ಕಳ ಸಹಾಯವಾಣಿ 1098 ಕುರಿತು ವ್ಯಾಪಕ ಪ್ರಚಾರ ನೀಡಬೇಕು ಎಂದು ಸೂಚಿಸಿದರು. ಸಭೆಯಲ್ಲಿ ಜಿಲ್ಲಾ ಪಂಚಾಯಿತಿ ಮುಖ್ಯ ಕಾರ್ಯನಿರ್ವಾಹಕ ಅಧಿಕಾರಿ, ಮಹಿಳಾ ಮತ್ತು ಮಕ್ಕಳ ಅಭಿವೃದ್ಧಿ ಇಲಾಖೆಯ ಉಪ ನಿರ್ದೇಶಕರು, ಶಿಕ್ಷಣ ಇಲಾಖೆಯ ಅಧಿಕಾರಿಗಳು ಸೇರಿದಂತೆ ವಿವಿಧ ಇಲಾಖೆಗಳ ಅಧಿಕಾರಿಗಳು ಉಪಸ್ಥಿತರಿದ್ದರು.
ಚಿಕ್ಕಬಳ್ಳಾಪುರ: ಕರ್ನಾಟಕ ರಾಜ್ಯ ಮಕ್ಕಳ ಹಕ್ಕುಗಳ ರಕ್ಷಣಾ ಆಯೋಗದ ಸದಸ್ಯರು ಜಿಲ್ಲಾ ಪ್ರವಾಸ ಕೈಗೊಂಡು ವಿವಿಧ ಶಾಲೆಗಳು, ವಸತಿ ನಿಲಯಗಳು ಹಾಗೂ ಅಂಗನವಾಡಿ ಕೇಂದ್ರಗಳಿಗೆ ಭೇಟಿ ನೀಡಿ ಪರಿಶೀಲನೆ ನಡೆಸಿದರು. ಜಿಲ್ಲಾಡಳಿತ ಭವನದಲ್ಲಿ ನಡೆದ ಪ್ರಗತಿ ಪರಿಶೀಲನಾ ಸಭೆಯಲ್ಲಿ ಮಾತನಾಡಿದ ಅವರು ಮಕ್ಕಳ ಹಕ್ಕುಗಳ ಉಲ್ಲಂಘನೆಯಾಗದಂತೆ ಎಲ್ಲಾ ಇಲಾಖೆಗಳು ಎಚ್ಚರ ವಹಿಸಬೇಕು. ಬಾಲ್ಯ ವಿವಾಹ, ಬಾಲ ಕಾರ್ಮಿಕ ಪದ್ಧತಿ ನಿರ್ಮೂಲನೆಗೆ ಕಟ್ಟುನಿಟ್ಟಿನ ಕ್ರಮ ಕೈಗೊಳ್ಳಬೇಕು. ಪೋಕ್ಸೋ ಕಾಯ್ದೆಯಡಿ ದಾಖಲಾದ ಪ್ರಕರಣಗಳ ತನಿಖೆ ತ್ವರಿತವಾಗಿ ಪೂರ್ಣಗೊಳ್ಳಬೇಕು. ವಸತಿ ನಿಲಯಗಳಲ್ಲಿ ಮಕ್ಕಳಿಗೆ ಗುಣಮಟ್ಟದ ಆಹಾರ, ಸ್ವಚ್ಛತೆ ಹಾಗೂ ಸುರಕ್ಷತೆ ಒದಗಿಸಬೇಕು. ಶಾಲೆಗಳಲ್ಲಿ ಮಕ್ಕಳ ಸುರಕ್ಷತಾ ಸಮಿತಿಗಳನ್ನು ರಚಿಸಿ ನಿಯಮಿತ ಸಭೆ ನಡೆಸಬೇಕು. ಶಾಲೆ ಬಿಟ್ಟ ಮಕ್ಕಳನ್ನು ಗುರುತಿಸಿ ಮರಳಿ ಶಾಲೆಗೆ ಸೇರಿಸುವ ಕಾರ್ಯ ನಡೆಯಬೇಕು. ಮಕ್ಕಳ ಸಹಾಯವಾಣಿ 1098 ಕುರಿತು ವ್ಯಾಪಕ ಪ್ರಚಾರ ನೀಡಬೇಕು ಎಂದು ಸೂಚಿಸಿದರು. ಸಭೆಯಲ್ಲಿ ಜಿಲ್ಲಾ ಪಂಚಾಯಿತಿ ಮುಖ್ಯ ಕಾರ್ಯನಿರ್ವಾಹಕ ಅಧಿಕಾರಿ, ಮಹಿಳಾ ಮತ್ತು ಮಕ್ಕಳ ಅಭಿವೃದ್ಧಿ ಇಲಾಖೆಯ ಉಪ ನಿರ್ದೇಶಕರು, ಶಿಕ್ಷಣ ಇಲಾಖೆಯ ಅಧಿಕಾರಿಗಳು ಸೇರಿದಂತೆ ವಿವಿಧ ಇಲಾಖೆಗಳ ಅಧಿಕಾರಿಗಳು ಉಪಸ್ಥಿತರಿದ್ದರು.
